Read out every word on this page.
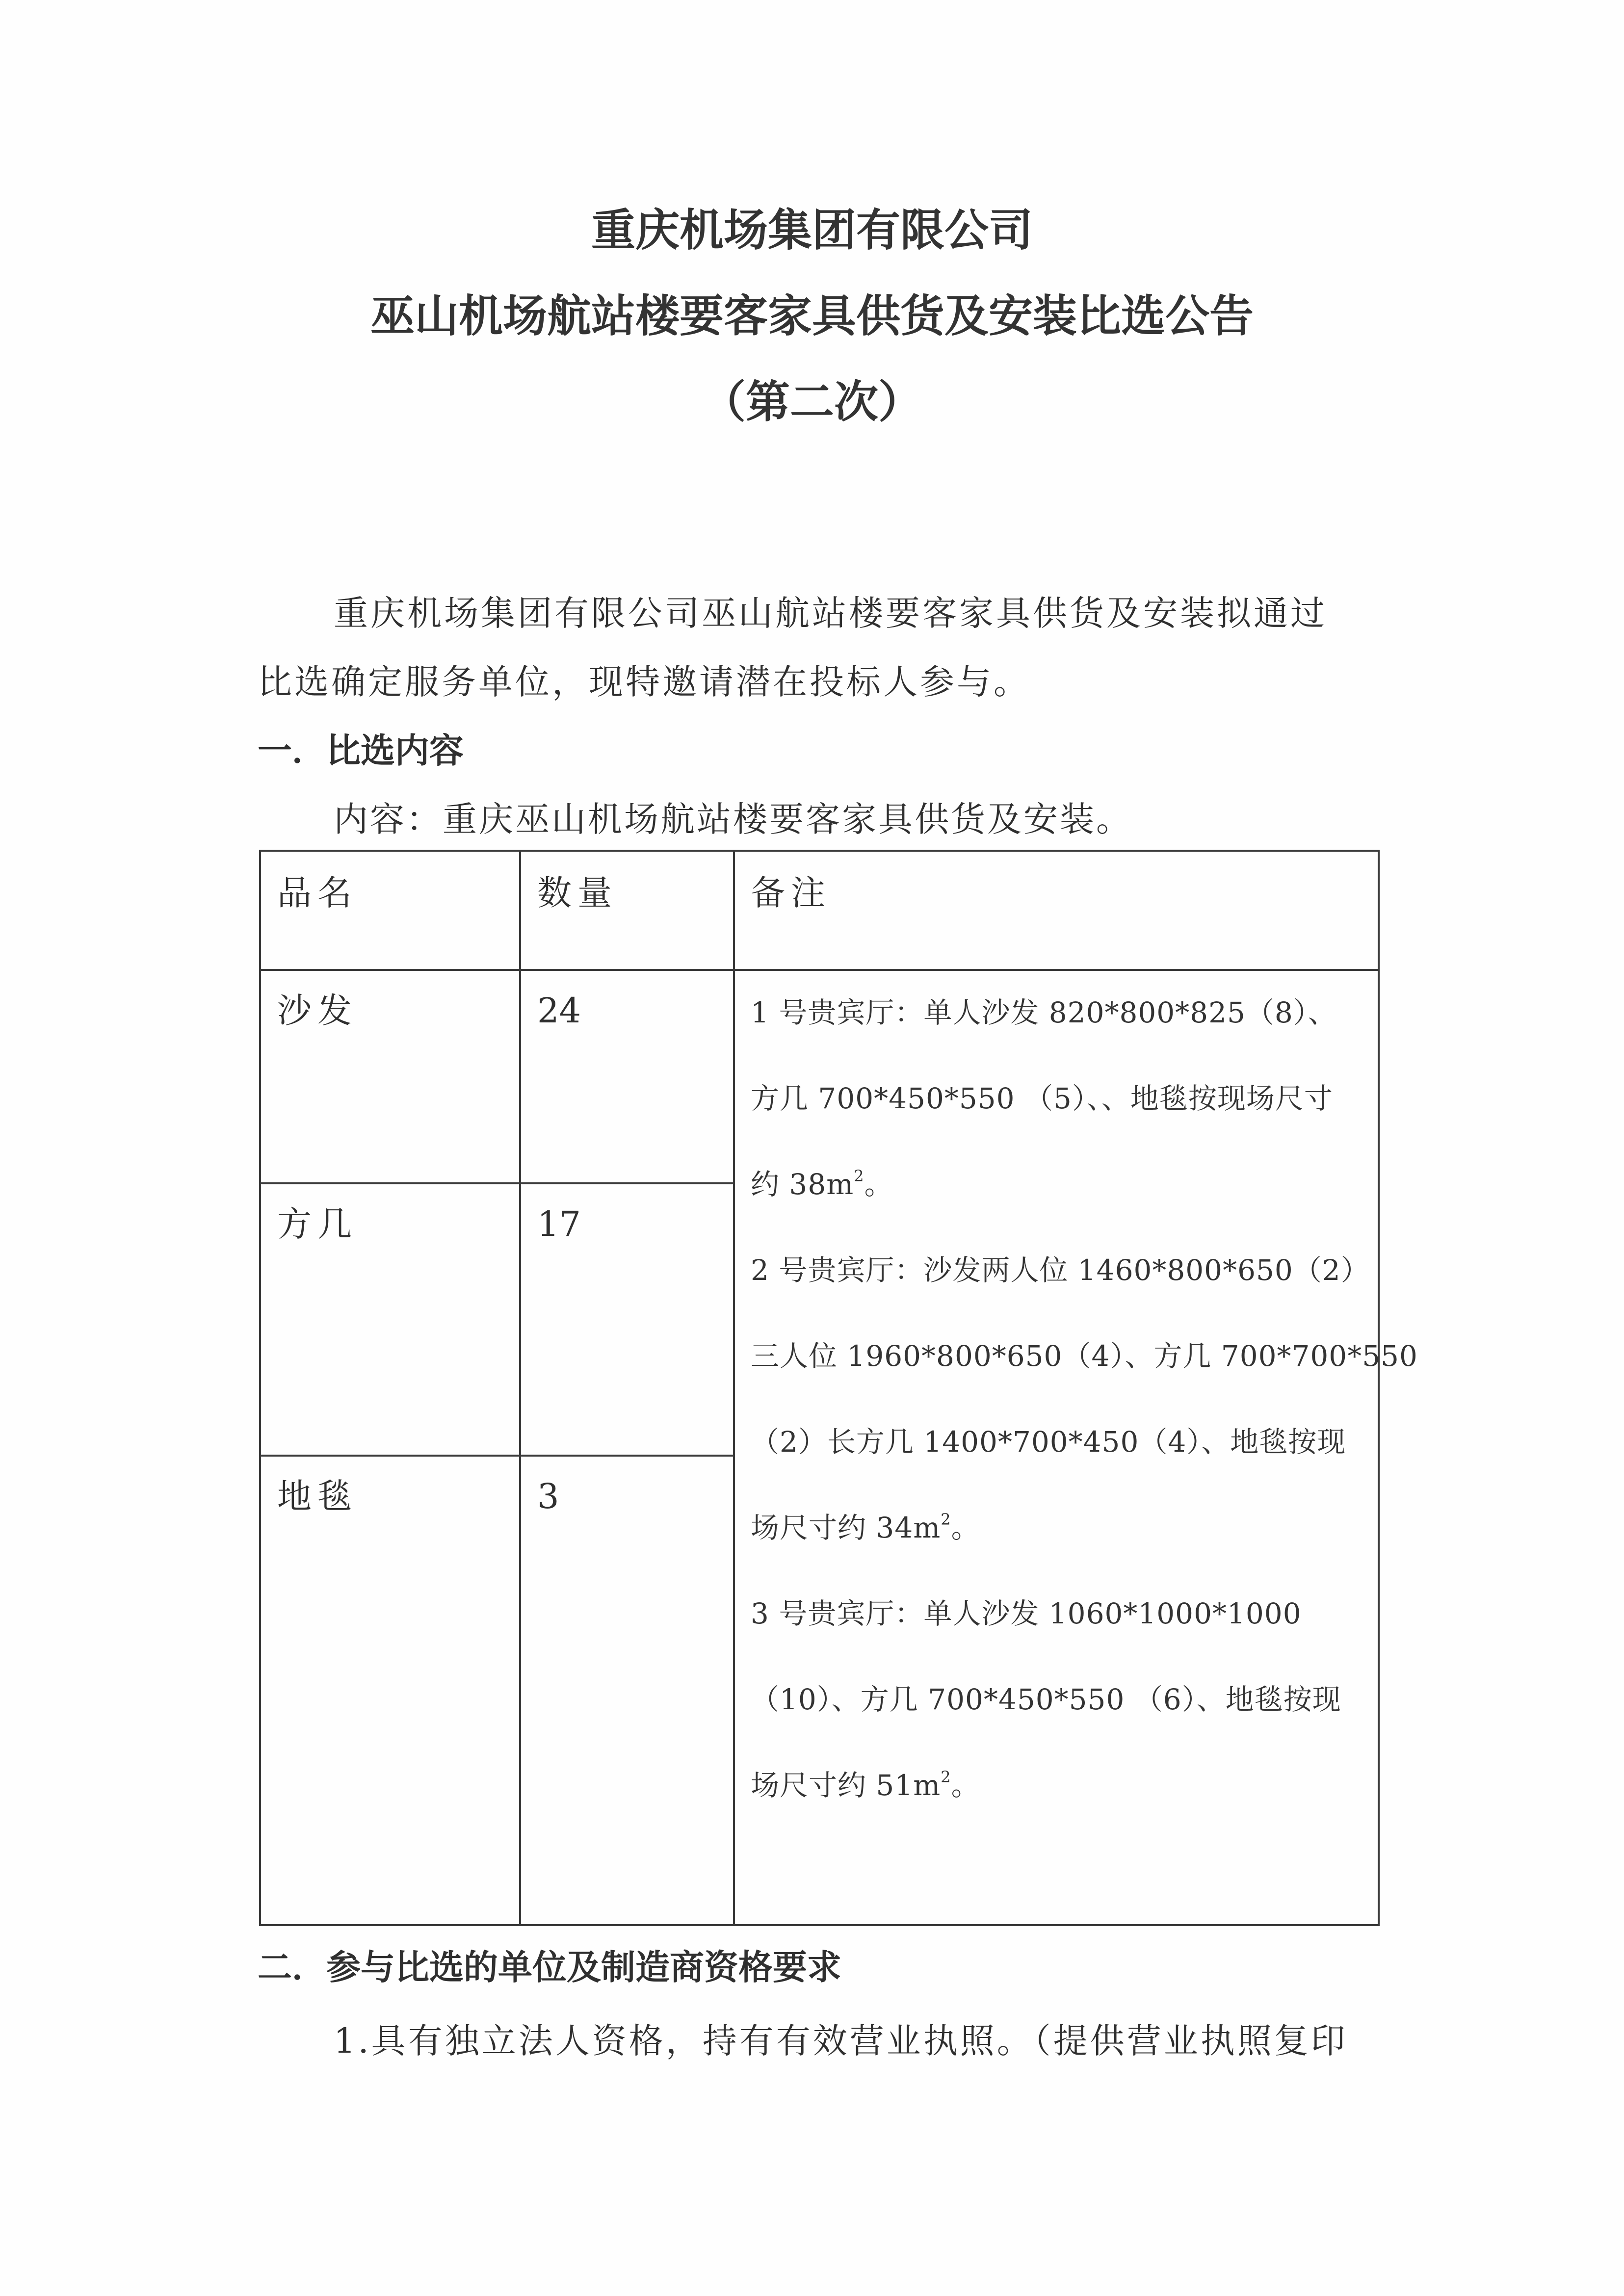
重庆机场集团有限公司
巫山机场航站楼要客家具供货及安装比选公告
（第二次）
重庆机场集团有限公司巫山航站楼要客家具供货及安装拟通过
比选确定服务单位，现特邀请潜在投标人参与。
一．比选内容
内容：重庆巫山机场航站楼要客家具供货及安装。
品名	数量	备注
沙发	24
方几	17
地毯	3
1 号贵宾厅：单人沙发 820*800*825（8）、
方几 700*450*550 （5）、、地毯按现场尺寸
约 $38m^2$。
2 号贵宾厅：沙发两人位 1460*800*650（2）
三人位 1960*800*650（4）、方几 700*700*550
（2）长方几 1400*700*450（4）、地毯按现
场尺寸约 $34m^2$。
3 号贵宾厅：单人沙发 1060*1000*1000
（10）、方几 700*450*550 （6）、地毯按现
场尺寸约 $51m^2$。
二．参与比选的单位及制造商资格要求
1.具有独立法人资格，持有有效营业执照。（提供营业执照复印
